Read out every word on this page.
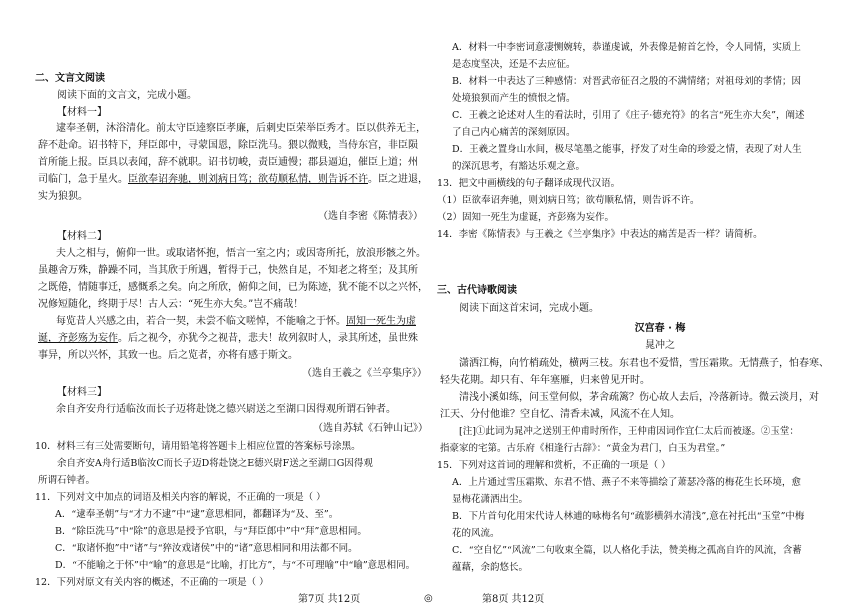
二、文言文阅读
阅读下面的文言文，完成小题。
【材料一】
逮奉圣朝，沐浴清化。前太守臣逵察臣孝廉，后刺史臣荣举臣秀才。臣以供养无主，
辞不赴命。诏书特下，拜臣郎中，寻蒙国恩，除臣洗马。猥以微贱，当侍东宫，非臣陨
首所能上报。臣具以表闻，辞不就职。诏书切峻，责臣逋慢；郡县逼迫，催臣上道；州
司临门，急于星火。臣欲奉诏奔驰，则刘病日笃；欲苟顺私情，则告诉不许。臣之进退，
实为狼狈。
（选自李密《陈情表》）
【材料二】
夫人之相与，俯仰一世。或取诸怀抱，悟言一室之内；或因寄所托，放浪形骸之外。
虽趣舍万殊，静躁不同，当其欣于所遇，暂得于己，快然自足，不知老之将至；及其所
之既倦，情随事迁，感慨系之矣。向之所欣，俯仰之间，已为陈迹，犹不能不以之兴怀，
况修短随化，终期于尽！古人云：“死生亦大矣。”岂不痛哉！
每览昔人兴感之由，若合一契，未尝不临文嗟悼，不能喻之于怀。固知一死生为虚
诞，齐彭殇为妄作。后之视今，亦犹今之视昔，悲夫！故列叙时人，录其所述，虽世殊
事异，所以兴怀，其致一也。后之览者，亦将有感于斯文。
（选自王羲之《兰亭集序》）
【材料三】
余自齐安舟行适临汝而长子迈将赴饶之德兴尉送之至湖口因得观所谓石钟者。
（选自苏轼《石钟山记》）
10．材料三有三处需要断句，请用铅笔将答题卡上相应位置的答案标号涂黑。
余自齐安A舟行适B临汝C而长子迈D将赴饶之E德兴尉F送之至湖口G因得观
所谓石钟者。
11．下列对文中加点的词语及相关内容的解说，不正确的一项是（ ）
A．“逮奉圣朝”与“才力不逮”中“逮”意思相同，都翻译为“及、至”。
B．“除臣洗马”中“除”的意思是授予官职，与“拜臣郎中”中“拜”意思相同。
C．“取诸怀抱”中“诸”与“猝汝戏诸侯”中的“诸”意思相同和用法都不同。
D．“不能喻之于怀”中“喻”的意思是“比喻，打比方”，与“不可理喻”中“喻”意思相同。
12．下列对原文有关内容的概述，不正确的一项是（ ）
A．材料一中李密词意凄恻婉转，恭谨虔诚，外表像是俯首乞怜，令人同情，实质上
是态度坚决，还是不去应征。
B．材料一中表达了三种感情：对晋武帝征召之殷的不满情绪；对祖母刘的孝情；因
处境狼狈而产生的愤恨之情。
C．王羲之论述对人生的看法时，引用了《庄子·德充符》的名言“死生亦大矣”，阐述
了自己内心痛苦的深刻原因。
D．王羲之置身山水间，极尽笔墨之能事，抒发了对生命的珍爱之情，表现了对人生
的深沉思考，有豁达乐观之意。
13．把文中画横线的句子翻译成现代汉语。
（1）臣欲奉诏奔驰，则刘病日笃；欲苟顺私情，则告诉不许。
（2）固知一死生为虚诞，齐彭殇为妄作。
14．李密《陈情表》与王羲之《兰亭集序》中表达的痛苦是否一样？请简析。
三、古代诗歌阅读
阅读下面这首宋词，完成小题。
汉宫春 · 梅
晁冲之
潇洒江梅，向竹梢疏处，横两三枝。东君也不爱惜，雪压霜欺。无情燕子，怕春寒、
轻失花期。却只有、年年塞雁，归来曾见开时。
清浅小溪如练，问玉堂何似，茅舍疏篱？伤心故人去后，冷落新诗。微云淡月，对
江天、分付他谁？空自忆、清香未减，风流不在人知。
[注]①此词为晁冲之送别王仲甫时所作，王仲甫因词作宜仁太后而被逐。②玉堂：
指豪家的宅第。古乐府《相逢行古辞》：“黄金为君门，白玉为君堂。”
15．下列对这首词的理解和赏析，不正确的一项是（ ）
A．上片通过雪压霜欺、东君不惜、燕子不来等描绘了萧瑟冷落的梅花生长环境，愈
显梅花潇洒出尘。
B．下片首句化用宋代诗人林逋的咏梅名句“疏影横斜水清浅”,意在衬托出“玉堂”中梅
花的风流。
C．“空自忆”“风流”二句收束全篇，以人格化手法，赞美梅之孤高自许的风流，含蓄
蕴藉，余韵悠长。
第7页 共12页	◎	第8页 共12页
